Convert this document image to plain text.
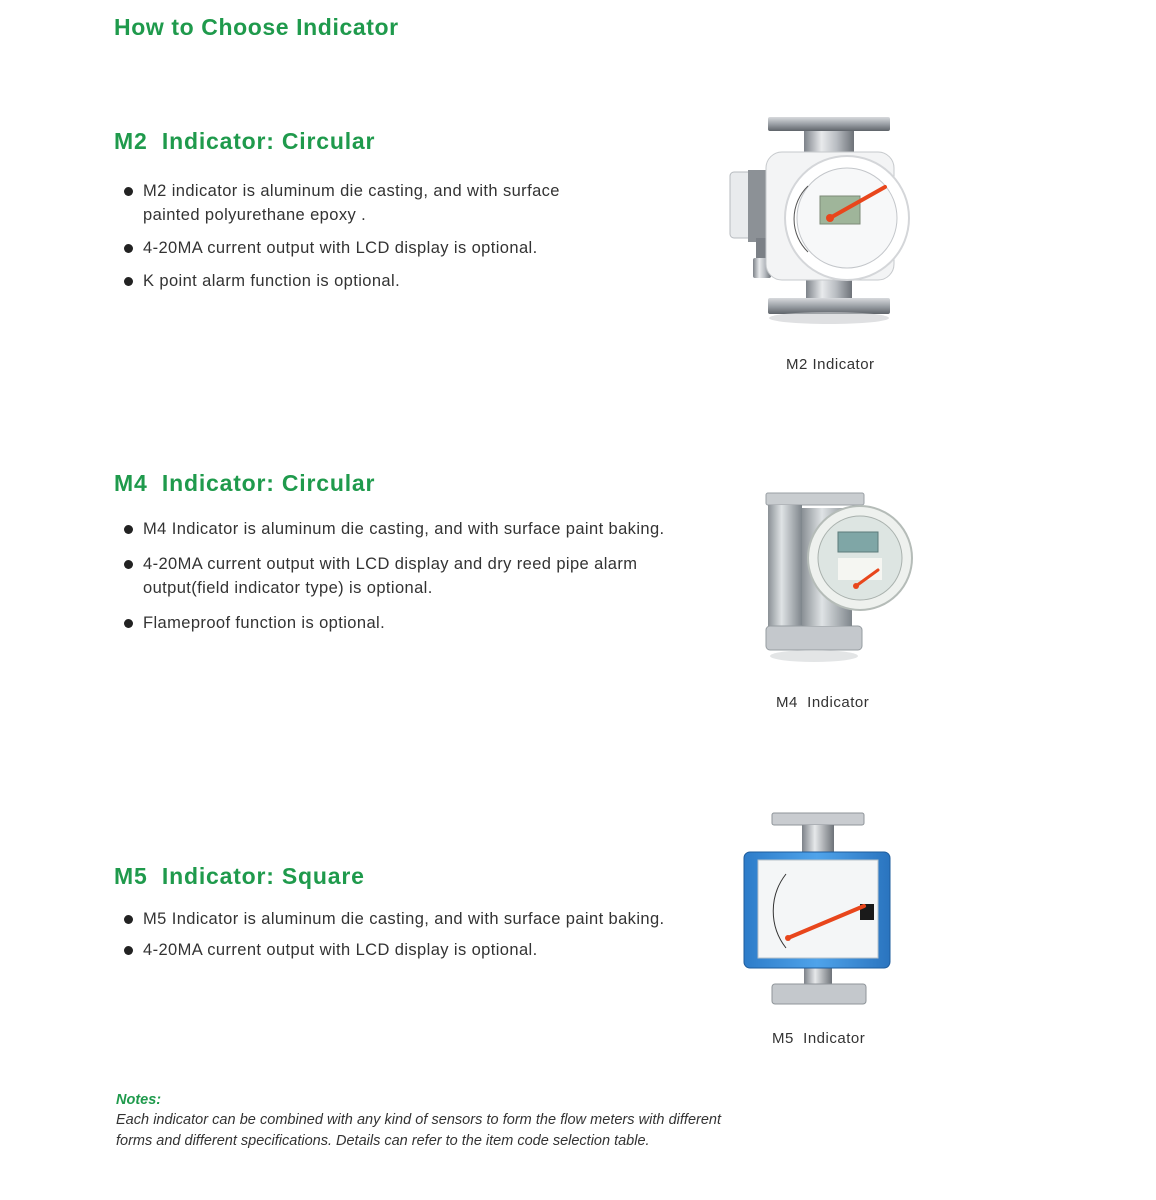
How to Choose Indicator
M2  Indicator: Circular
M2 indicator is aluminum die casting, and with surface painted polyurethane epoxy .
4-20MA current output with LCD display is optional.
K point alarm function is optional.
M2 Indicator
M4  Indicator: Circular
M4 Indicator is aluminum die casting, and with surface paint baking.
4-20MA current output with LCD display and dry reed pipe alarm output(field indicator type) is optional.
Flameproof function is optional.
M4  Indicator
M5  Indicator: Square
M5 Indicator is aluminum die casting, and with surface paint baking.
4-20MA current output with LCD display is optional.
M5  Indicator
Notes:
Each indicator can be combined with any kind of sensors to form the flow meters with different forms and different specifications. Details can refer to the item code selection table.
